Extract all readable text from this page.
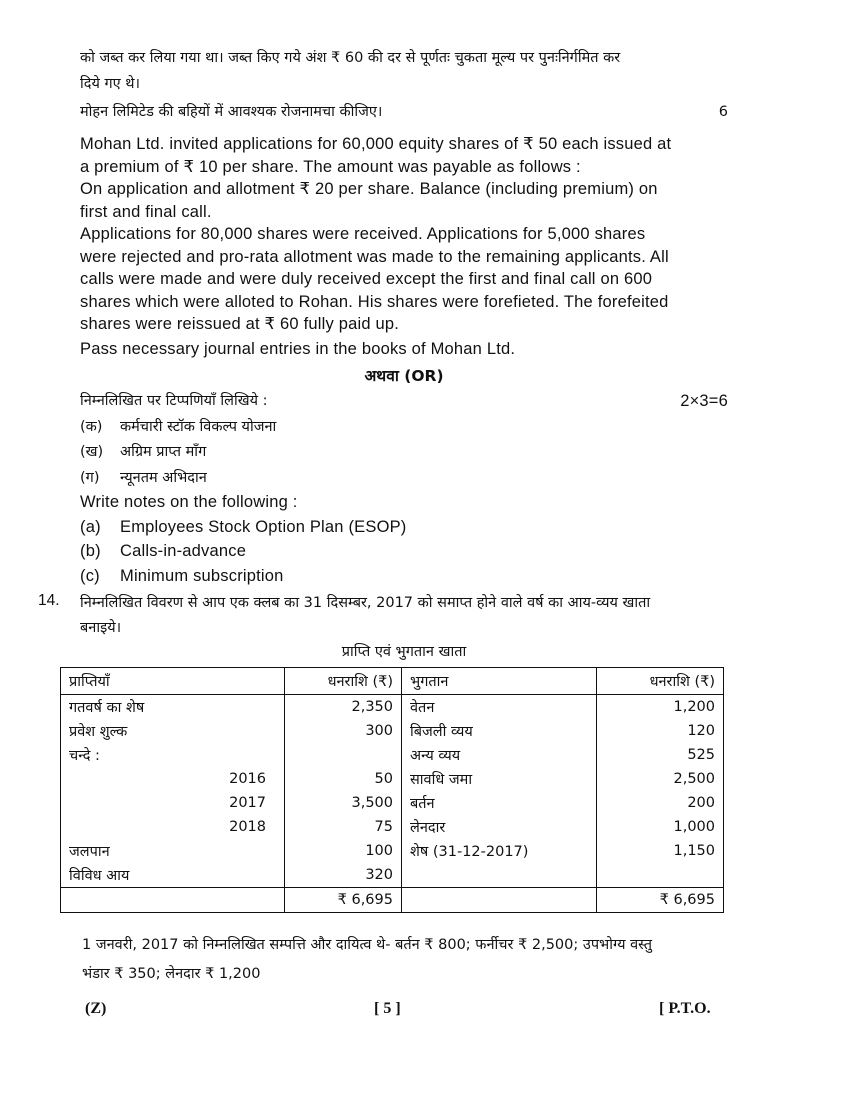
को जब्त कर लिया गया था। जब्त किए गये अंश ₹ 60 की दर से पूर्णतः चुकता मूल्य पर पुनःनिर्गमित कर
दिये गए थे।
मोहन लिमिटेड की बहियों में आवश्यक रोजनामचा कीजिए।	6
Mohan Ltd. invited applications for 60,000 equity shares of ₹ 50 each issued at
a premium of ₹ 10 per share. The amount was payable as follows :
On application and allotment ₹ 20 per share. Balance (including premium) on
first and final call.
Applications for 80,000 shares were received. Applications for 5,000 shares
were rejected and pro-rata allotment was made to the remaining applicants. All
calls were made and were duly received except the first and final call on 600
shares which were alloted to Rohan. His shares were forefieted. The forefeited
shares were reissued at ₹ 60 fully paid up.
Pass necessary journal entries in the books of Mohan Ltd.
अथवा (OR)
निम्नलिखित पर टिप्पणियाँ लिखिये :	2×3=6
(क)	कर्मचारी स्टॉक विकल्प योजना
(ख)	अग्रिम प्राप्त माँग
(ग)	न्यूनतम अभिदान
Write notes on the following :
(a)	Employees Stock Option Plan (ESOP)
(b)	Calls-in-advance
(c)	Minimum subscription
14. निम्नलिखित विवरण से आप एक क्लब का 31 दिसम्बर, 2017 को समाप्त होने वाले वर्ष का आय-व्यय खाता
बनाइये।
प्राप्ति एवं भुगतान खाता
प्राप्तियाँ		धनराशि (₹)	भुगतान	धनराशि (₹)
गतवर्ष का शेष		2,350	वेतन	1,200
प्रवेश शुल्क		300	बिजली व्यय	120
चन्दे :			अन्य व्यय	525
	2016	50	सावधि जमा	2,500
	2017	3,500	बर्तन	200
	2018	75	लेनदार	1,000
जलपान		100	शेष (31-12-2017)	1,150
विविध आय		320		
		₹ 6,695		₹ 6,695
1 जनवरी, 2017 को निम्नलिखित सम्पत्ति और दायित्व थे- बर्तन ₹ 800; फर्नीचर ₹ 2,500; उपभोग्य वस्तु
भंडार ₹ 350; लेनदार ₹ 1,200
(Z)	[ 5 ]	[ P.T.O.
